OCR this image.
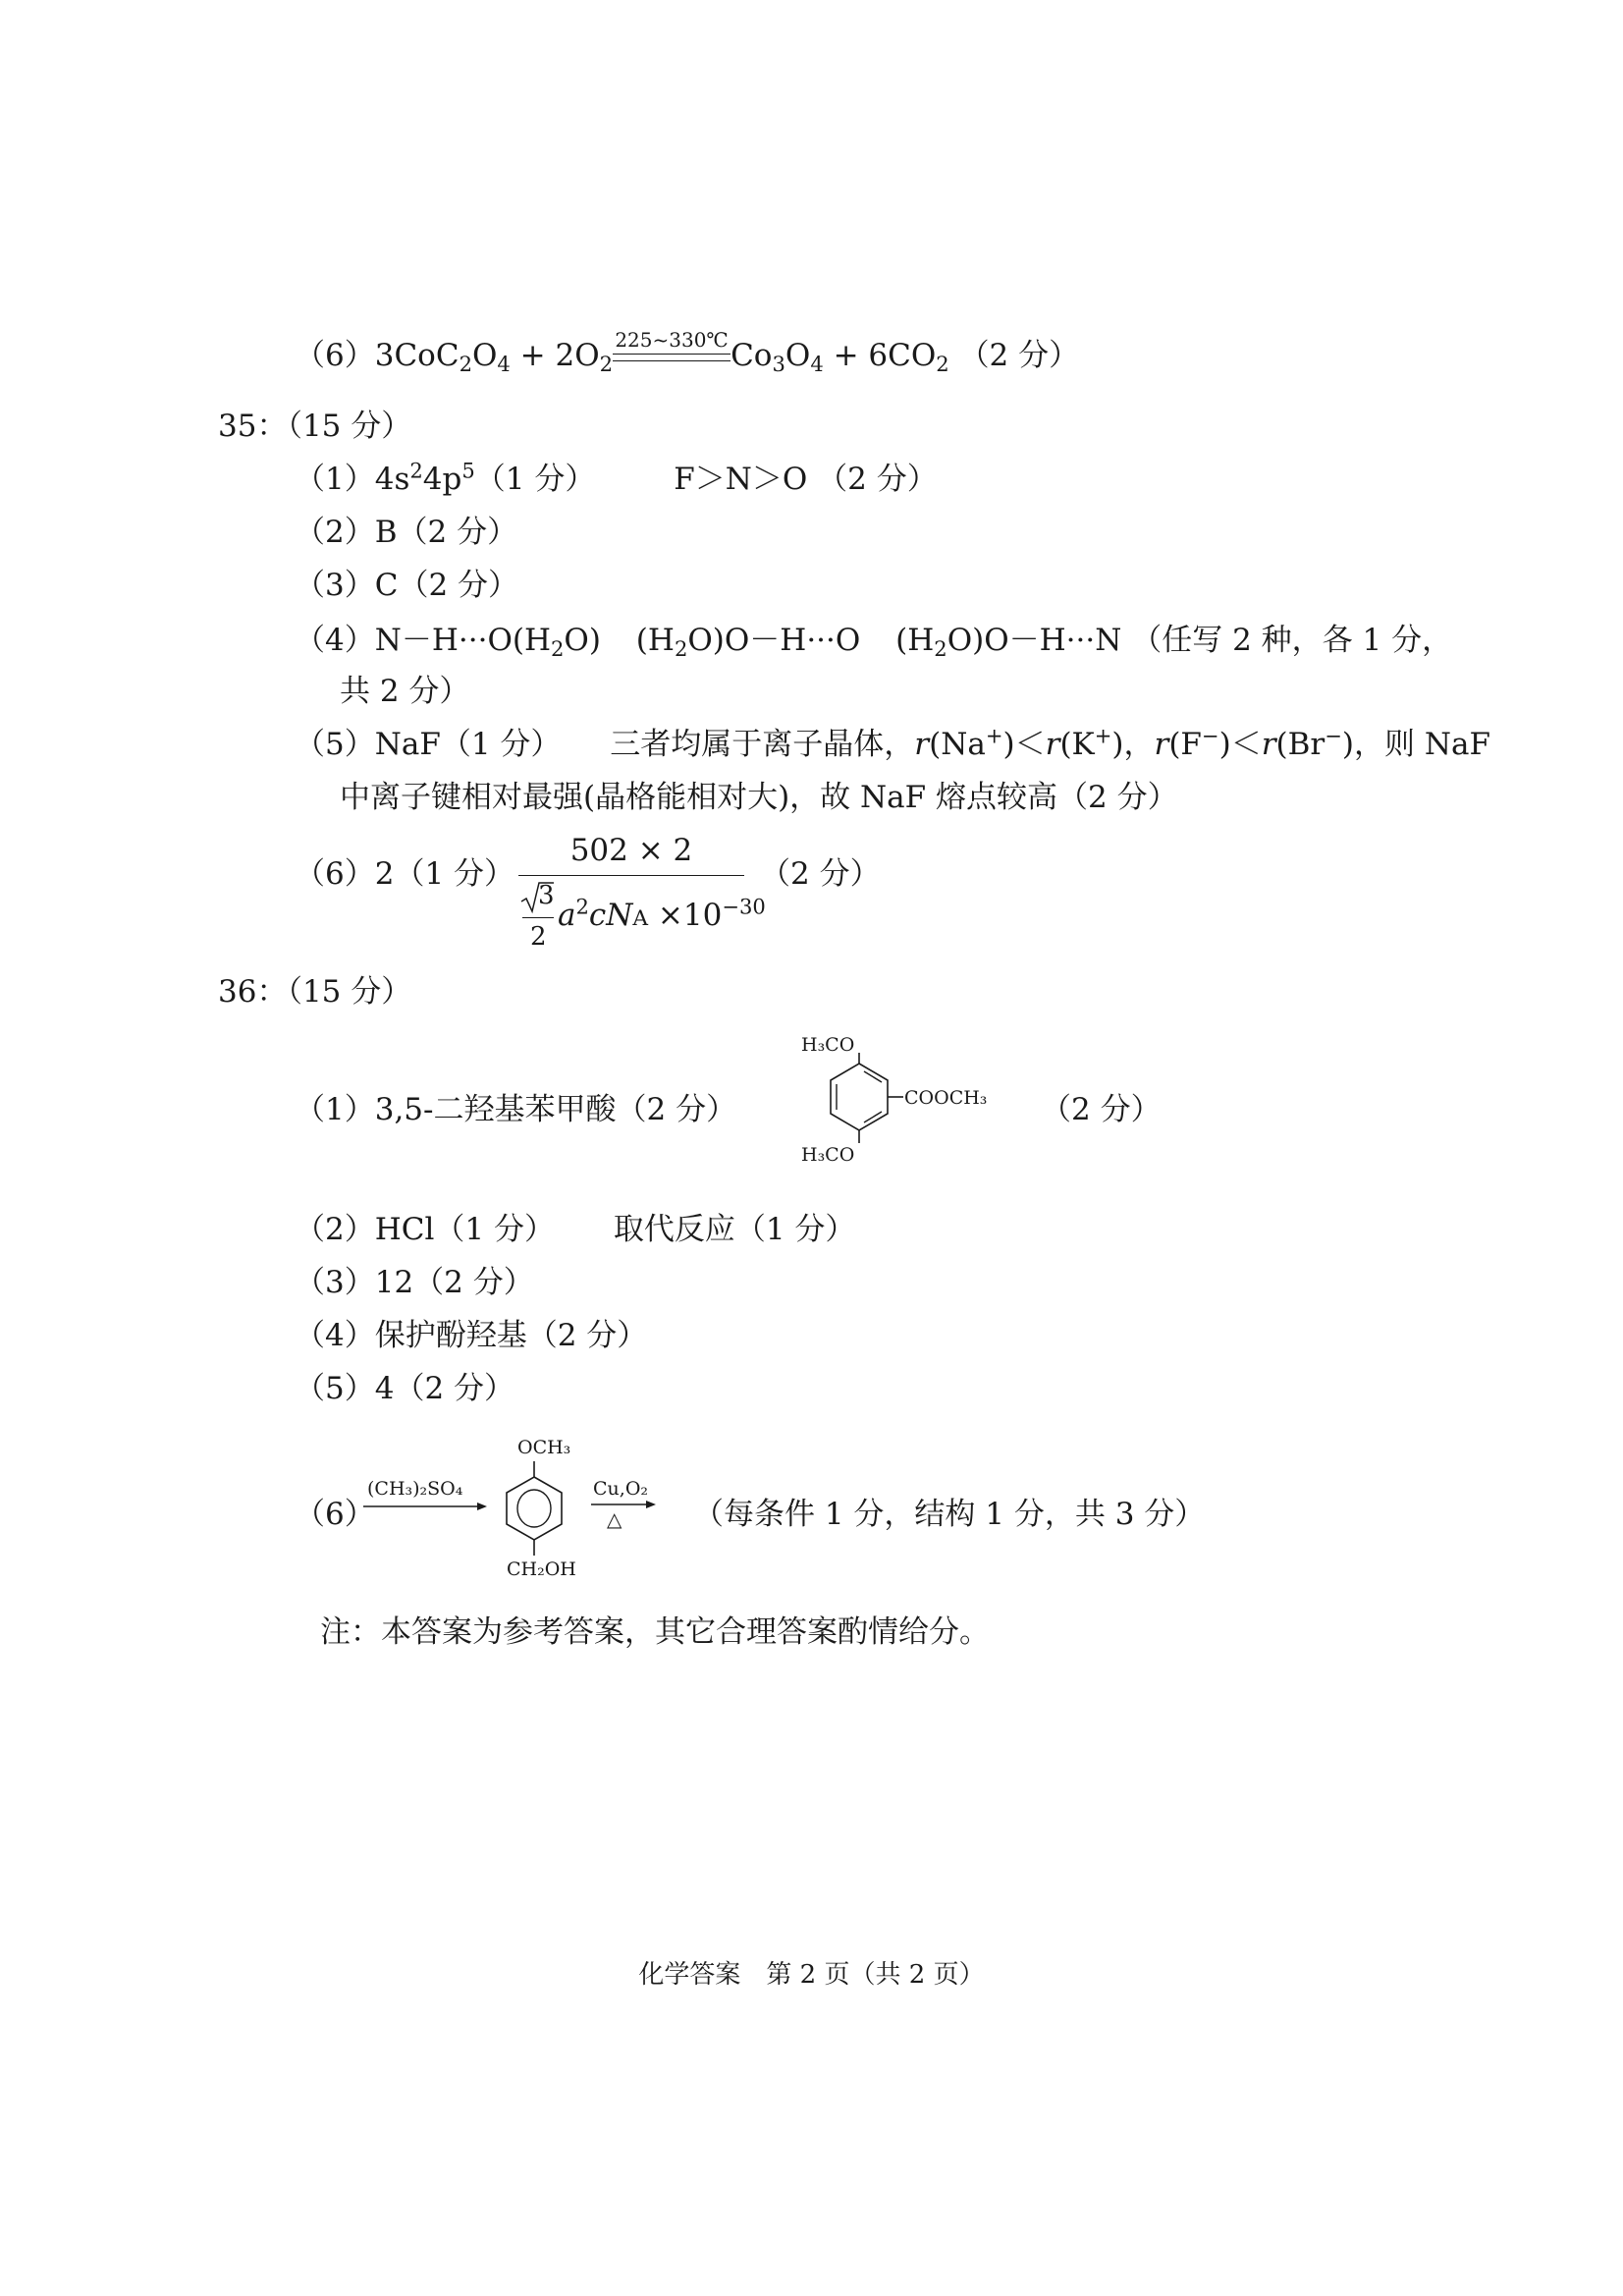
$(6)3CoC_2O_4 + 2O_2$
225~330℃ $Co_3O_4 + 6CO_2$ （2 分）
35：（15 分）
$(1)4s^24p^5(1$ 分）	F＞N＞O （2 分）
（2）B（2 分）
（3）C（2 分）
$(4)N-H\cdot\cdot\cdot O(H_2O)$ $(H_2O)O-H\cdot\cdot\cdot O$ $(H_2O)O-H\cdot\cdot\cdot N$ （任写 2 种，各 1 分，
共 2 分）
（5）NaF（1 分） 三者均属于离子晶体，r(Na+)＜r(K+)，r(F−)＜r(Br−)，则 NaF
中离子键相对最强(晶格能相对大)，故 NaF 熔点较高（2 分）
（6）2（1 分）
502 × 2
3
2
$a^2cNA \times 10^{-30}$
（2 分）
36：（15 分）
（1）3,5-二羟基苯甲酸（2 分）
H₃CO
H₃CO
COOCH₃ （2 分）
（2）HCl（1 分） 取代反应（1 分）
（3）12（2 分）
（4）保护酚羟基（2 分）
（5）4（2 分）
（6）
(CH₃)₂SO₄
OCH₃
CH₂OH
Cu,O₂
△ （每条件 1 分，结构 1 分，共 3 分）
注：本答案为参考答案，其它合理答案酌情给分。
化学答案　第 2 页（共 2 页）
